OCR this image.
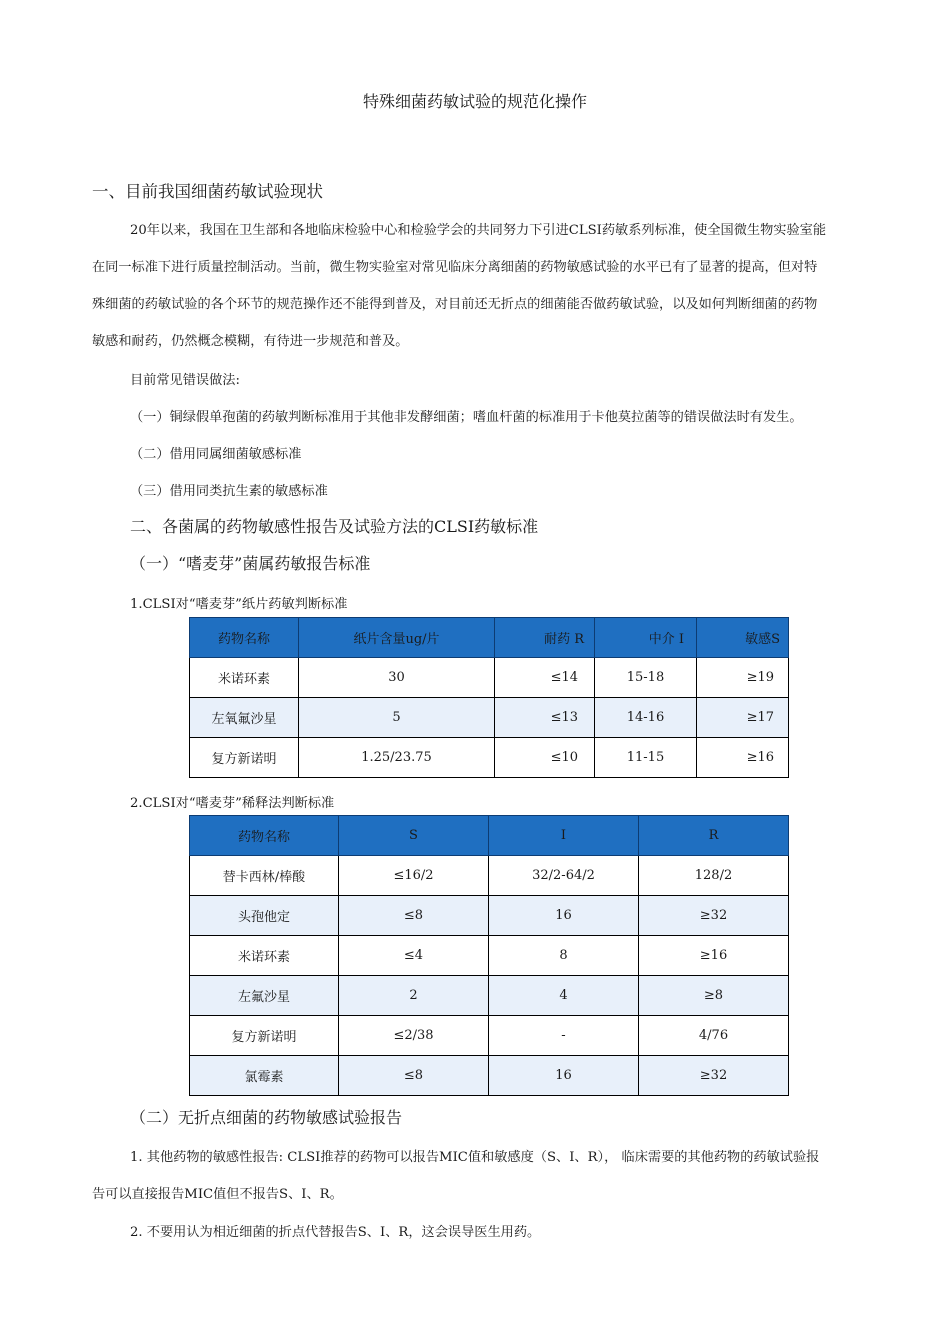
特殊细菌药敏试验的规范化操作
一、目前我国细菌药敏试验现状
20年以来，我国在卫生部和各地临床检验中心和检验学会的共同努力下引进CLSI药敏系列标准，使全国微生物实验室能
在同一标准下进行质量控制活动。当前，微生物实验室对常见临床分离细菌的药物敏感试验的水平已有了显著的提高，但对特
殊细菌的药敏试验的各个环节的规范操作还不能得到普及，对目前还无折点的细菌能否做药敏试验，以及如何判断细菌的药物
敏感和耐药，仍然概念模糊，有待进一步规范和普及。
目前常见错误做法:
（一）铜绿假单孢菌的药敏判断标准用于其他非发酵细菌；嗜血杆菌的标准用于卡他莫拉菌等的错误做法时有发生。
（二）借用同属细菌敏感标准
（三）借用同类抗生素的敏感标准
二、各菌属的药物敏感性报告及试验方法的CLSI药敏标准
（一）“嗜麦芽”菌属药敏报告标准
1.CLSI对“嗜麦芽”纸片药敏判断标准
药物名称	纸片含量ug/片	耐药 R	中介 I	敏感S
米诺环素	30	≤14	15-18	≥19
左氧氟沙星	5	≤13	14-16	≥17
复方新诺明	1.25/23.75	≤10	11-15	≥16
2.CLSI对“嗜麦芽”稀释法判断标准
药物名称	S	I	R
替卡西林/棒酸	≤16/2	32/2-64/2	128/2
头孢他定	≤8	16	≥32
米诺环素	≤4	8	≥16
左氟沙星	2	4	≥8
复方新诺明	≤2/38	-	4/76
氯霉素	≤8	16	≥32
（二）无折点细菌的药物敏感试验报告
1. 其他药物的敏感性报告: CLSI推荐的药物可以报告MIC值和敏感度（S、I、R）， 临床需要的其他药物的药敏试验报
告可以直接报告MIC值但不报告S、I、R。
2. 不要用认为相近细菌的折点代替报告S、I、R，这会误导医生用药。
